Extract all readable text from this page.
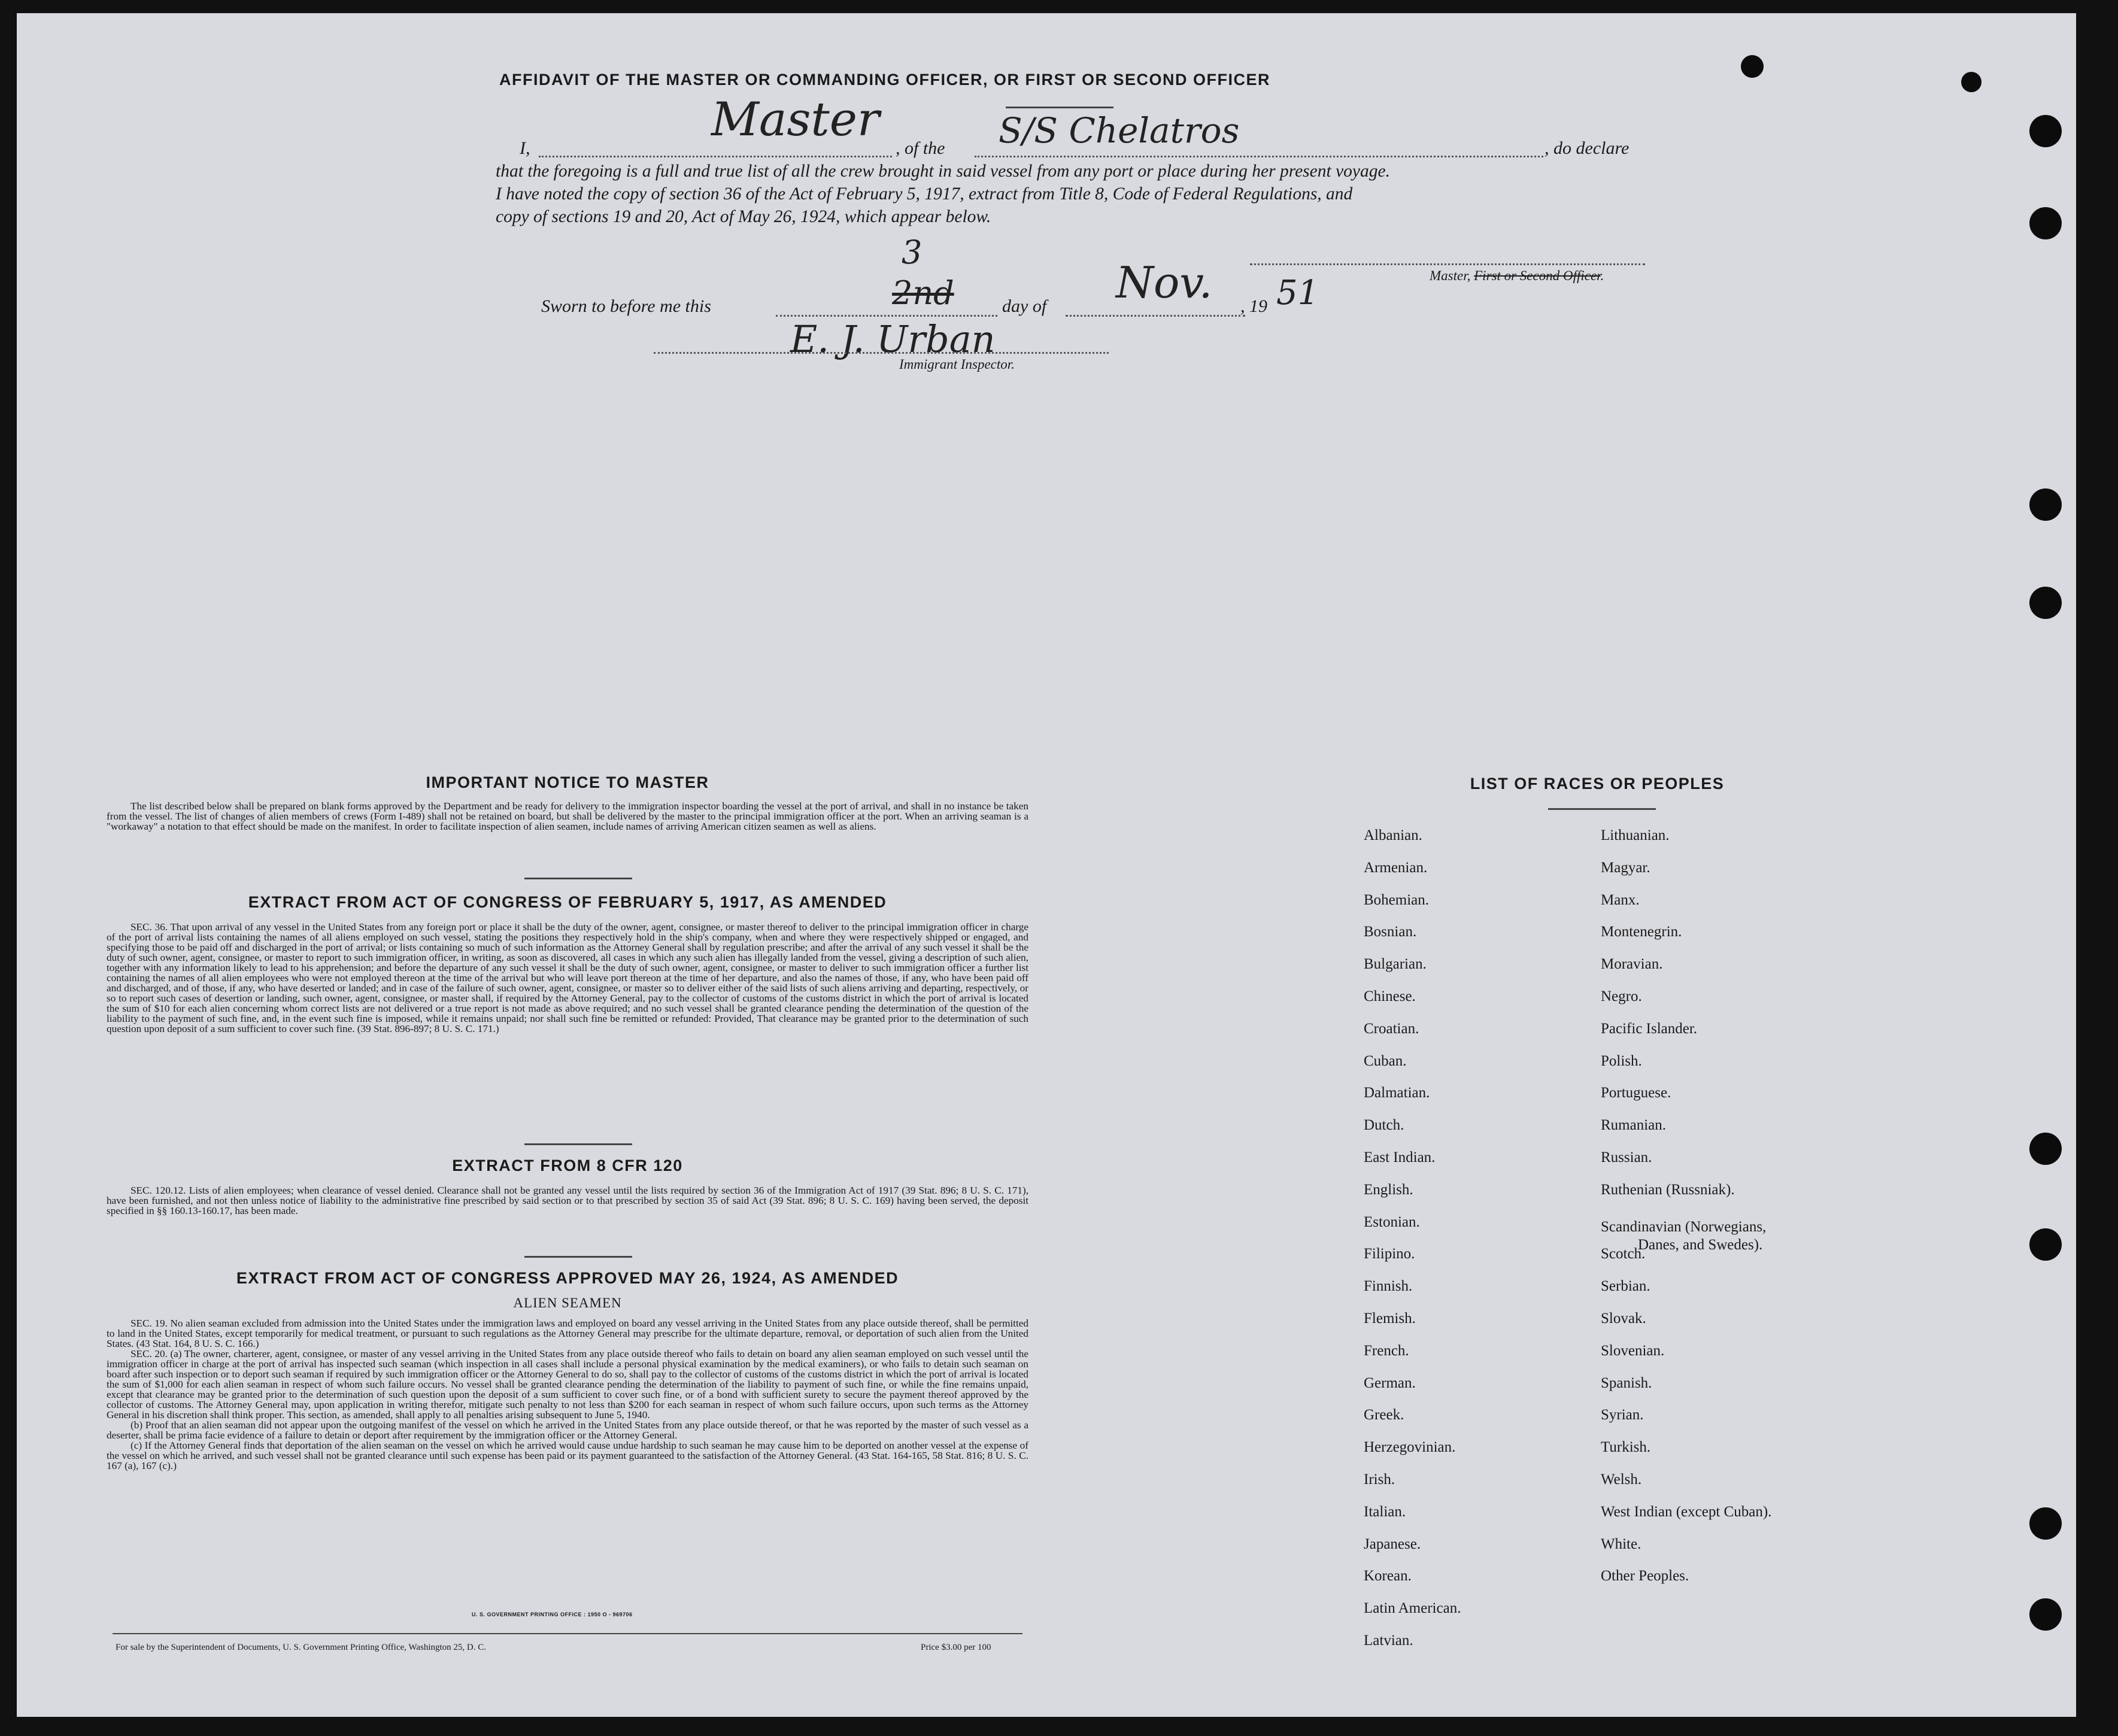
AFFIDAVIT OF THE MASTER OR COMMANDING OFFICER, OR FIRST OR SECOND OFFICER
I,
Master
, of the S/S Chelatros	, do declare
that the foregoing is a full and true list of all the crew brought in said vessel from any port or place during her present voyage.
I have noted the copy of section 36 of the Act of February 5, 1917, extract from Title 8, Code of Federal Regulations, and
copy of sections 19 and 20, Act of May 26, 1924, which appear below.
Master, First or Second Officer.
Sworn to before me this	2nd
3
day of Nov. , 19 51
E. J. Urban
Immigrant Inspector.
IMPORTANT NOTICE TO MASTER
The list described below shall be prepared on blank forms approved by the Department and be ready for delivery to the immigration inspector boarding the vessel at the port of arrival, and shall in no instance be taken from the vessel. The list of changes of alien members of crews (Form I-489) shall not be retained on board, but shall be delivered by the master to the principal immigration officer at the port. When an arriving seaman is a "workaway" a notation to that effect should be made on the manifest. In order to facilitate inspection of alien seamen, include names of arriving American citizen seamen as well as aliens.
EXTRACT FROM ACT OF CONGRESS OF FEBRUARY 5, 1917, AS AMENDED
SEC. 36. That upon arrival of any vessel in the United States from any foreign port or place it shall be the duty of the owner, agent, consignee, or master thereof to deliver to the principal immigration officer in charge of the port of arrival lists containing the names of all aliens employed on such vessel, stating the positions they respectively hold in the ship's company, when and where they were respectively shipped or engaged, and specifying those to be paid off and discharged in the port of arrival; or lists containing so much of such information as the Attorney General shall by regulation prescribe; and after the arrival of any such vessel it shall be the duty of such owner, agent, consignee, or master to report to such immigration officer, in writing, as soon as discovered, all cases in which any such alien has illegally landed from the vessel, giving a description of such alien, together with any information likely to lead to his apprehension; and before the departure of any such vessel it shall be the duty of such owner, agent, consignee, or master to deliver to such immigration officer a further list containing the names of all alien employees who were not employed thereon at the time of the arrival but who will leave port thereon at the time of her departure, and also the names of those, if any, who have been paid off and discharged, and of those, if any, who have deserted or landed; and in case of the failure of such owner, agent, consignee, or master so to deliver either of the said lists of such aliens arriving and departing, respectively, or so to report such cases of desertion or landing, such owner, agent, consignee, or master shall, if required by the Attorney General, pay to the collector of customs of the customs district in which the port of arrival is located the sum of $10 for each alien concerning whom correct lists are not delivered or a true report is not made as above required; and no such vessel shall be granted clearance pending the determination of the question of the liability to the payment of such fine, and, in the event such fine is imposed, while it remains unpaid; nor shall such fine be remitted or refunded: Provided, That clearance may be granted prior to the determination of such question upon deposit of a sum sufficient to cover such fine. (39 Stat. 896-897; 8 U. S. C. 171.)
EXTRACT FROM 8 CFR 120
SEC. 120.12. Lists of alien employees; when clearance of vessel denied. Clearance shall not be granted any vessel until the lists required by section 36 of the Immigration Act of 1917 (39 Stat. 896; 8 U. S. C. 171), have been furnished, and not then unless notice of liability to the administrative fine prescribed by said section or to that prescribed by section 35 of said Act (39 Stat. 896; 8 U. S. C. 169) having been served, the deposit specified in §§ 160.13-160.17, has been made.
EXTRACT FROM ACT OF CONGRESS APPROVED MAY 26, 1924, AS AMENDED
ALIEN SEAMEN
SEC. 19. No alien seaman excluded from admission into the United States under the immigration laws and employed on board any vessel arriving in the United States from any place outside thereof, shall be permitted to land in the United States, except temporarily for medical treatment, or pursuant to such regulations as the Attorney General may prescribe for the ultimate departure, removal, or deportation of such alien from the United States. (43 Stat. 164, 8 U. S. C. 166.)
SEC. 20. (a) The owner, charterer, agent, consignee, or master of any vessel arriving in the United States from any place outside thereof who fails to detain on board any alien seaman employed on such vessel until the immigration officer in charge at the port of arrival has inspected such seaman (which inspection in all cases shall include a personal physical examination by the medical examiners), or who fails to detain such seaman on board after such inspection or to deport such seaman if required by such immigration officer or the Attorney General to do so, shall pay to the collector of customs of the customs district in which the port of arrival is located the sum of $1,000 for each alien seaman in respect of whom such failure occurs. No vessel shall be granted clearance pending the determination of the liability to payment of such fine, or while the fine remains unpaid, except that clearance may be granted prior to the determination of such question upon the deposit of a sum sufficient to cover such fine, or of a bond with sufficient surety to secure the payment thereof approved by the collector of customs. The Attorney General may, upon application in writing therefor, mitigate such penalty to not less than $200 for each seaman in respect of whom such failure occurs, upon such terms as the Attorney General in his discretion shall think proper. This section, as amended, shall apply to all penalties arising subsequent to June 5, 1940.
(b) Proof that an alien seaman did not appear upon the outgoing manifest of the vessel on which he arrived in the United States from any place outside thereof, or that he was reported by the master of such vessel as a deserter, shall be prima facie evidence of a failure to detain or deport after requirement by the immigration officer or the Attorney General.
(c) If the Attorney General finds that deportation of the alien seaman on the vessel on which he arrived would cause undue hardship to such seaman he may cause him to be deported on another vessel at the expense of the vessel on which he arrived, and such vessel shall not be granted clearance until such expense has been paid or its payment guaranteed to the satisfaction of the Attorney General. (43 Stat. 164-165, 58 Stat. 816; 8 U. S. C. 167 (a), 167 (c).)
U. S. GOVERNMENT PRINTING OFFICE : 1950 O - 969706
For sale by the Superintendent of Documents, U. S. Government Printing Office, Washington 25, D. C.	Price $3.00 per 100
LIST OF RACES OR PEOPLES
Albanian.
Armenian.
Bohemian.
Bosnian.
Bulgarian.
Chinese.
Croatian.
Cuban.
Dalmatian.
Dutch.
East Indian.
English.
Estonian.
Filipino.
Finnish.
Flemish.
French.
German.
Greek.
Herzegovinian.
Irish.
Italian.
Japanese.
Korean.
Latin American.
Latvian.
Lithuanian.
Magyar.
Manx.
Montenegrin.
Moravian.
Negro.
Pacific Islander.
Polish.
Portuguese.
Rumanian.
Russian.
Ruthenian (Russniak).
Scandinavian (Norwegians,
Danes, and Swedes).
Scotch.
Serbian.
Slovak.
Slovenian.
Spanish.
Syrian.
Turkish.
Welsh.
West Indian (except Cuban).
White.
Other Peoples.
